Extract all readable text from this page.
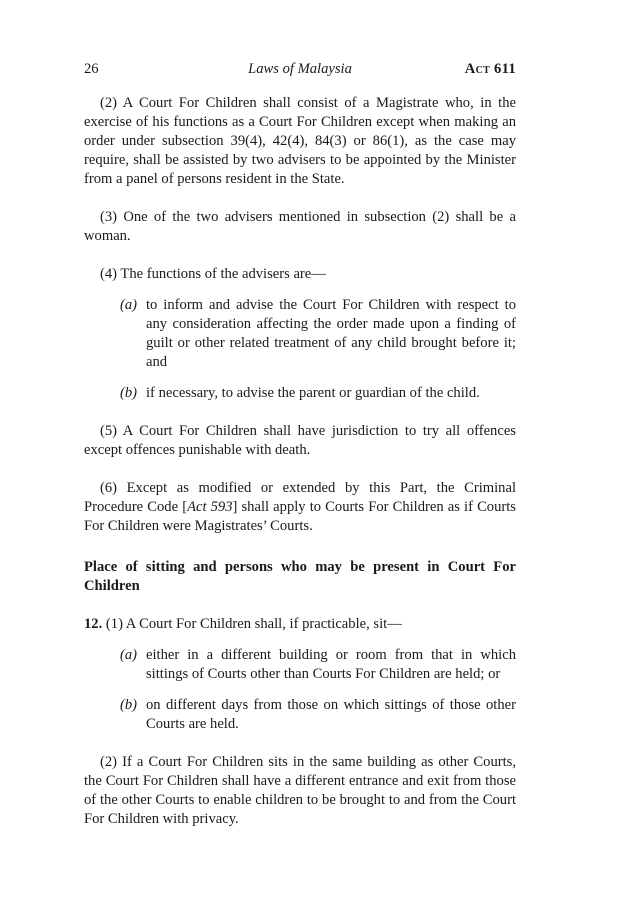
26	Laws of Malaysia	Act 611

(2) A Court For Children shall consist of a Magistrate who, in the exercise of his functions as a Court For Children except when making an order under subsection 39(4), 42(4), 84(3) or 86(1), as the case may require, shall be assisted by two advisers to be appointed by the Minister from a panel of persons resident in the State.

(3) One of the two advisers mentioned in subsection (2) shall be a woman.

(4) The functions of the advisers are—

(a) to inform and advise the Court For Children with respect to any consideration affecting the order made upon a finding of guilt or other related treatment of any child brought before it; and
(b) if necessary, to advise the parent or guardian of the child.

(5) A Court For Children shall have jurisdiction to try all offences except offences punishable with death.

(6) Except as modified or extended by this Part, the Criminal Procedure Code [Act 593] shall apply to Courts For Children as if Courts For Children were Magistrates’ Courts.

Place of sitting and persons who may be present in Court For Children

12. (1) A Court For Children shall, if practicable, sit—

(a) either in a different building or room from that in which sittings of Courts other than Courts For Children are held; or
(b) on different days from those on which sittings of those other Courts are held.

(2) If a Court For Children sits in the same building as other Courts, the Court For Children shall have a different entrance and exit from those of the other Courts to enable children to be brought to and from the Court For Children with privacy.
